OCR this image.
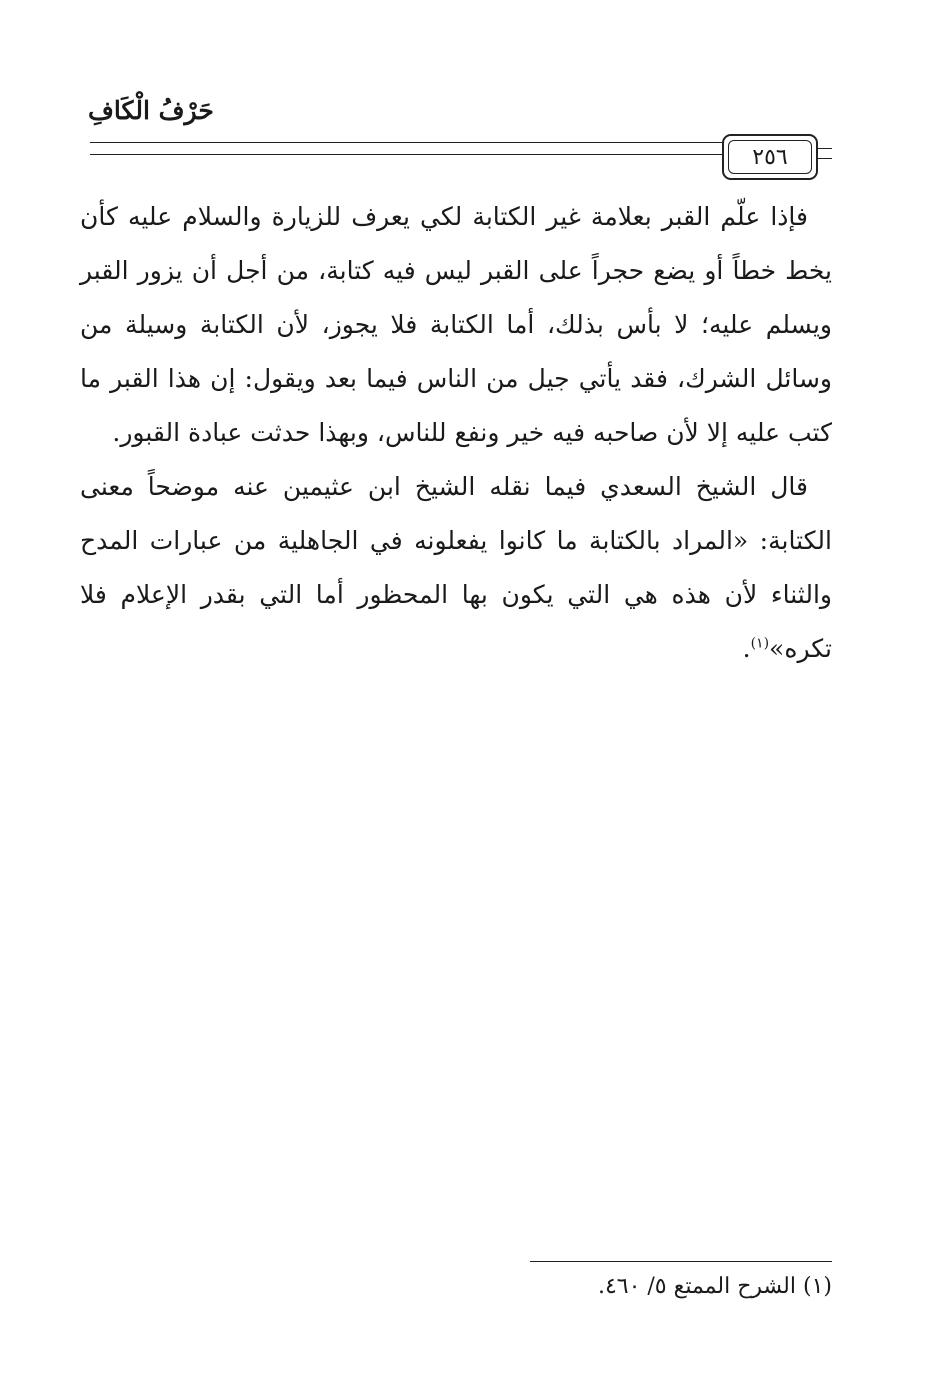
حَرْفُ الْكَافِ
٢٥٦

فإذا علّم القبر بعلامة غير الكتابة لكي يعرف للزيارة والسلام عليه كأن يخط خطاً أو يضع حجراً على القبر ليس فيه كتابة، من أجل أن يزور القبر ويسلم عليه؛ لا بأس بذلك، أما الكتابة فلا يجوز، لأن الكتابة وسيلة من وسائل الشرك، فقد يأتي جيل من الناس فيما بعد ويقول: إن هذا القبر ما كتب عليه إلا لأن صاحبه فيه خير ونفع للناس، وبهذا حدثت عبادة القبور.

قال الشيخ السعدي فيما نقله الشيخ ابن عثيمين عنه موضحاً معنى الكتابة: «المراد بالكتابة ما كانوا يفعلونه في الجاهلية من عبارات المدح والثناء لأن هذه هي التي يكون بها المحظور أما التي بقدر الإعلام فلا تكره»$^{(١)}$.

(١) الشرح الممتع ٥/ ٤٦٠.
